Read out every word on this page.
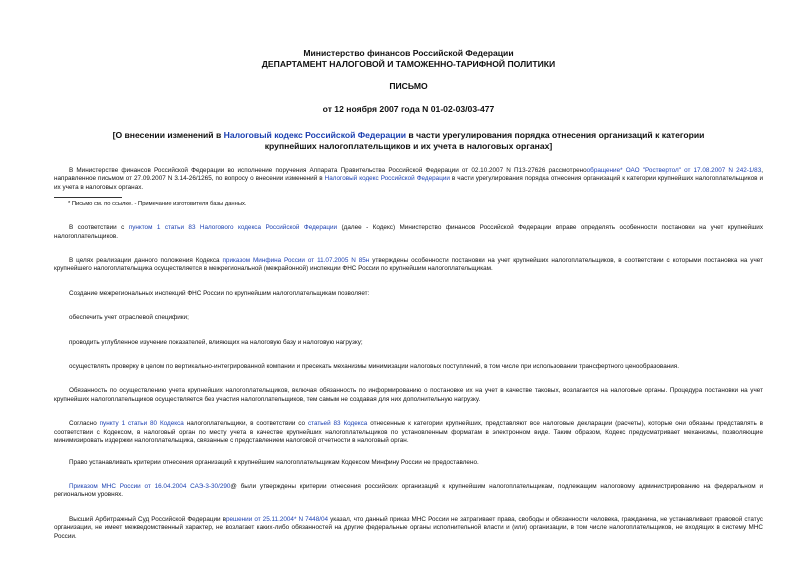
Министерство финансов Российской Федерации
ДЕПАРТАМЕНТ НАЛОГОВОЙ И ТАМОЖЕННО-ТАРИФНОЙ ПОЛИТИКИ
ПИСЬМО
от 12 ноября 2007 года N 01-02-03/03-477
[О внесении изменений в Налоговый кодекс Российской Федерации в части урегулирования порядка отнесения организаций к категории крупнейших налогоплательщиков и их учета в налоговых органах]

В Министерстве финансов Российской Федерации во исполнение поручения Аппарата Правительства Российской Федерации от 02.10.2007 N П13-27626 рассмотренообращение* ОАО "Роствертол" от 17.08.2007 N 242-1/83, направленное письмом от 27.09.2007 N 3.14-26/1265, по вопросу о внесении изменений в Налоговый кодекс Российской Федерации в части урегулирования порядка отнесения организаций к категории крупнейших налогоплательщиков и их учета в налоговых органах.

* Письмо см. по ссылке. - Примечание изготовителя базы данных.

В соответствии с пунктом 1 статьи 83 Налогового кодекса Российской Федерации (далее - Кодекс) Министерство финансов Российской Федерации вправе определять особенности постановки на учет крупнейших налогоплательщиков.

В целях реализации данного положения Кодекса приказом Минфина России от 11.07.2005 N 85н утверждены особенности постановки на учет крупнейших налогоплательщиков, в соответствии с которыми постановка на учет крупнейшего налогоплательщика осуществляется в межрегиональной (межрайонной) инспекции ФНС России по крупнейшим налогоплательщикам.

Создание межрегиональных инспекций ФНС России по крупнейшим налогоплательщикам позволяет:

обеспечить учет отраслевой специфики;

проводить углубленное изучение показателей, влияющих на налоговую базу и налоговую нагрузку;

осуществлять проверку в целом по вертикально-интегрированной компании и пресекать механизмы минимизации налоговых поступлений, в том числе при использовании трансфертного ценообразования.

Обязанность по осуществлению учета крупнейших налогоплательщиков, включая обязанность по информированию о постановке их на учет в качестве таковых, возлагается на налоговые органы. Процедура постановки на учет крупнейших налогоплательщиков осуществляется без участия налогоплательщиков, тем самым не создавая для них дополнительную нагрузку.

Согласно пункту 1 статьи 80 Кодекса налогоплательщики, в соответствии со статьей 83 Кодекса отнесенные к категории крупнейших, представляют все налоговые декларации (расчеты), которые они обязаны представлять в соответствии с Кодексом, в налоговый орган по месту учета в качестве крупнейших налогоплательщиков по установленным форматам в электронном виде. Таким образом, Кодекс предусматривает механизмы, позволяющие минимизировать издержки налогоплательщика, связанные с представлением налоговой отчетности в налоговый орган.

Право устанавливать критерии отнесения организаций к крупнейшим налогоплательщикам Кодексом Минфину России не предоставлено.

Приказом МНС России от 16.04.2004 САЭ-3-30/290@ были утверждены критерии отнесения российских организаций к крупнейшим налогоплательщикам, подлежащим налоговому администрированию на федеральном и региональном уровнях.

Высший Арбитражный Суд Российской Федерации врешении от 25.11.2004* N 7448/04 указал, что данный приказ МНС России не затрагивает права, свободы и обязанности человека, гражданина, не устанавливает правовой статус организации, не имеет межведомственный характер, не возлагает каких-либо обязанностей на другие федеральные органы исполнительной власти и (или) организации, в том числе налогоплательщиков, не входящих в систему МНС России.
